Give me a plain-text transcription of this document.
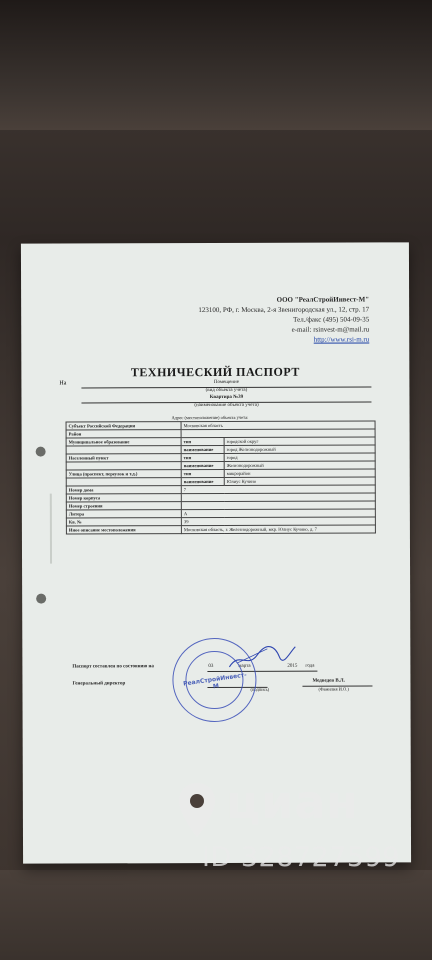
ООО "РеалСтройИнвест-М"
123100, РФ, г. Москва, 2-я Звенигородская ул., 12, стр. 17
Тел./факс (495) 504-09-35
e-mail: rsinvest-m@mail.ru
http://www.rsi-m.ru
ТЕХНИЧЕСКИЙ ПАСПОРТ
На	Помещение
(вид объекта учета)
Квартира №39
(наименование объекта учета)
Адрес (местоположение) объекта учета:
Субъект Российской Федерации	Московская область	
Район		
Муниципальное образование	тип	городской округ
	наименование	город Железнодорожный
Населенный пункт	тип	город
	наименование	Железнодорожный
Улица (проспект, переулок и т.д.)	тип	микрорайон
	наименование	Юлиус Кучино
Номер дома	7	
Номер корпуса		
Номер строения		
Литера	А	
Кв. №	39	
Иное описание местоположения	Московская область, г. Железнодорожный, мкр. Юлиус Кучино, д. 7	
Паспорт составлен по состоянию на	03	марта	2015 года
Генеральный директор
(подпись)
Медведев В.Л.
(Фамилия И.О.)
РеалСтройИнвест-М
циан
ID 328727599
